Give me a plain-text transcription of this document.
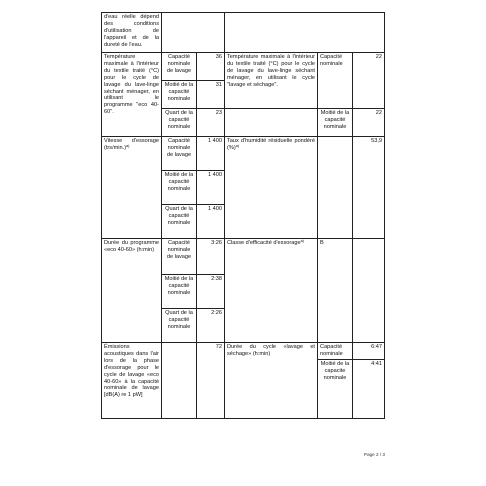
d'eau réelle dépend des conditions d'utilisation de l'appareil et de la dureté de l'eau.					
Température maximale à l'intérieur du textile traité (°C) pour le cycle de lavage du lave-linge séchant ménager, en utilisant le programme "eco 40-60".	Capacité nominale de lavage	36	Température maximale à l'intérieur du textile traité (°C) pour le cycle de lavage du lave-linge séchant ménager, en utilisant le cycle "lavage et séchage".	Capacité nominale	22
	Moitié de la capacité nominale	31			
	Quart de la capacité nominale	23		Moitié de la capacité nominale	22
Vitesse d'essorage $(trs/\min.)^{a)}$	Capacité nominale de lavage	1 400	Taux d'humidité résiduelle pondéré (%)$^{a)}$		53,9
	Moitié de la capacité nominale	1 400			
	Quart de la capacité nominale	1 400			
Durée du programme «eco 40-60» (h:min)	Capacité nominale de lavage	3:26	Classe d'efficacité d'essorage$^{a)}$	B	
	Moitié de la capacité nominale	2:38			
	Quart de la capacité nominale	2:26			
Émissions acoustiques dans l'air lors de la phase d'essorage pour le cycle de lavage «eco 40-60» à la capacité nominale de lavage [dB(A) re 1 pW]		72	Durée du cycle «lavage et séchage» (h:min)	Capacité nominale	6:47
				Moitié de la capacite nominale	4:41
Page 2 / 3
